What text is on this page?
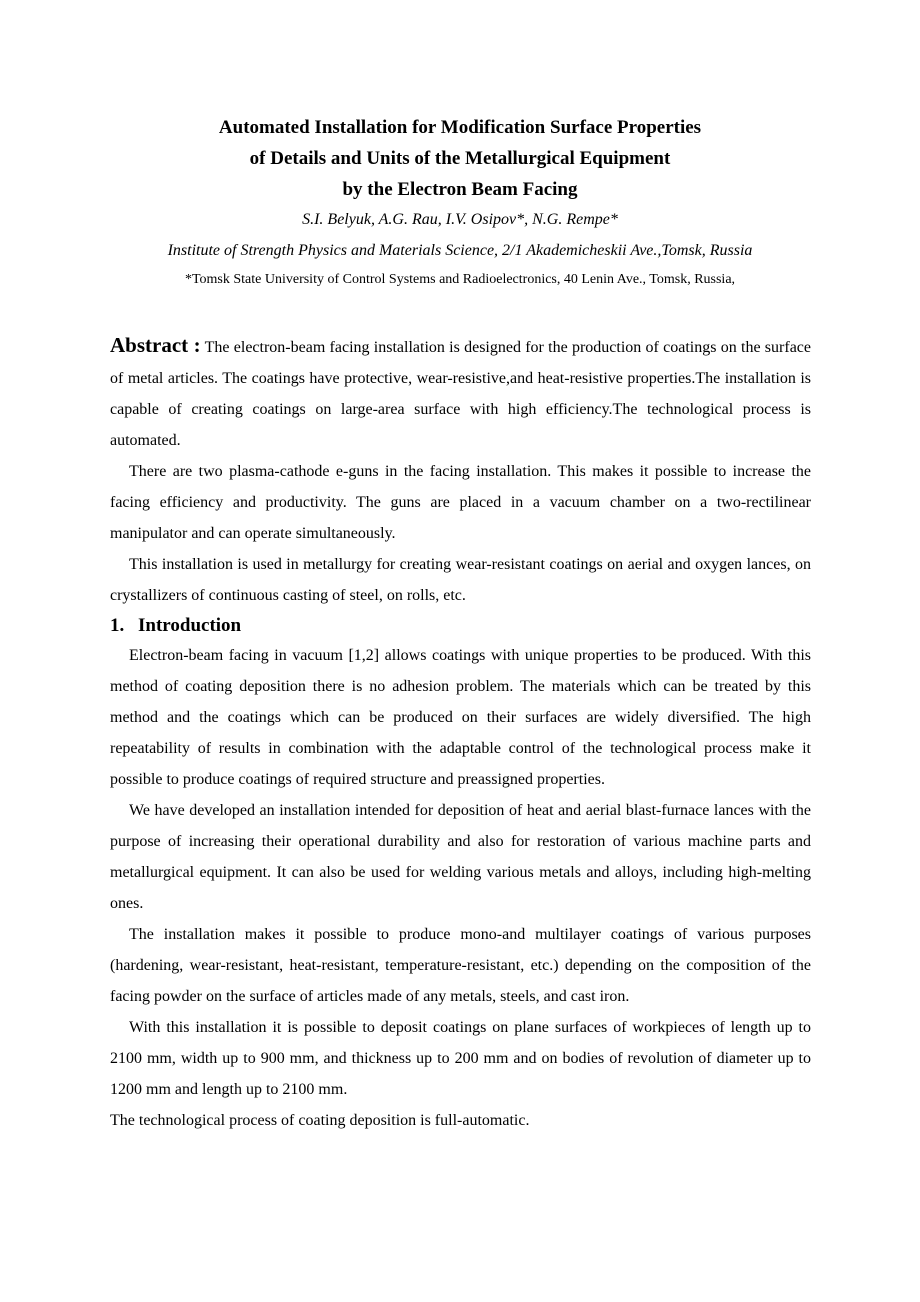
Automated Installation for Modification Surface Properties
of Details and Units of the Metallurgical Equipment
by the Electron Beam Facing
S.I. Belyuk, A.G. Rau, I.V. Osipov*, N.G. Rempe*
Institute of Strength Physics and Materials Science, 2/1 Akademicheskii Ave.,Tomsk, Russia
*Tomsk State University of Control Systems and Radioelectronics, 40 Lenin Ave., Tomsk, Russia,

Abstract : The electron-beam facing installation is designed for the production of coatings on the surface of metal articles. The coatings have protective, wear-resistive,and heat-resistive properties.The installation is capable of creating coatings on large-area surface with high efficiency.The technological process is automated.

There are two plasma-cathode e-guns in the facing installation. This makes it possible to increase the facing efficiency and productivity. The guns are placed in a vacuum chamber on a two-rectilinear manipulator and can operate simultaneously.

This installation is used in metallurgy for creating wear-resistant coatings on aerial and oxygen lances, on crystallizers of continuous casting of steel, on rolls, etc.

1. Introduction

Electron-beam facing in vacuum [1,2] allows coatings with unique properties to be produced. With this method of coating deposition there is no adhesion problem. The materials which can be treated by this method and the coatings which can be produced on their surfaces are widely diversified. The high repeatability of results in combination with the adaptable control of the technological process make it possible to produce coatings of required structure and preassigned properties.

We have developed an installation intended for deposition of heat and aerial blast-furnace lances with the purpose of increasing their operational durability and also for restoration of various machine parts and metallurgical equipment. It can also be used for welding various metals and alloys, including high-melting ones.

The installation makes it possible to produce mono-and multilayer coatings of various purposes (hardening, wear-resistant, heat-resistant, temperature-resistant, etc.) depending on the composition of the facing powder on the surface of articles made of any metals, steels, and cast iron.

With this installation it is possible to deposit coatings on plane surfaces of workpieces of length up to 2100 mm, width up to 900 mm, and thickness up to 200 mm and on bodies of revolution of diameter up to 1200 mm and length up to 2100 mm.

The technological process of coating deposition is full-automatic.
